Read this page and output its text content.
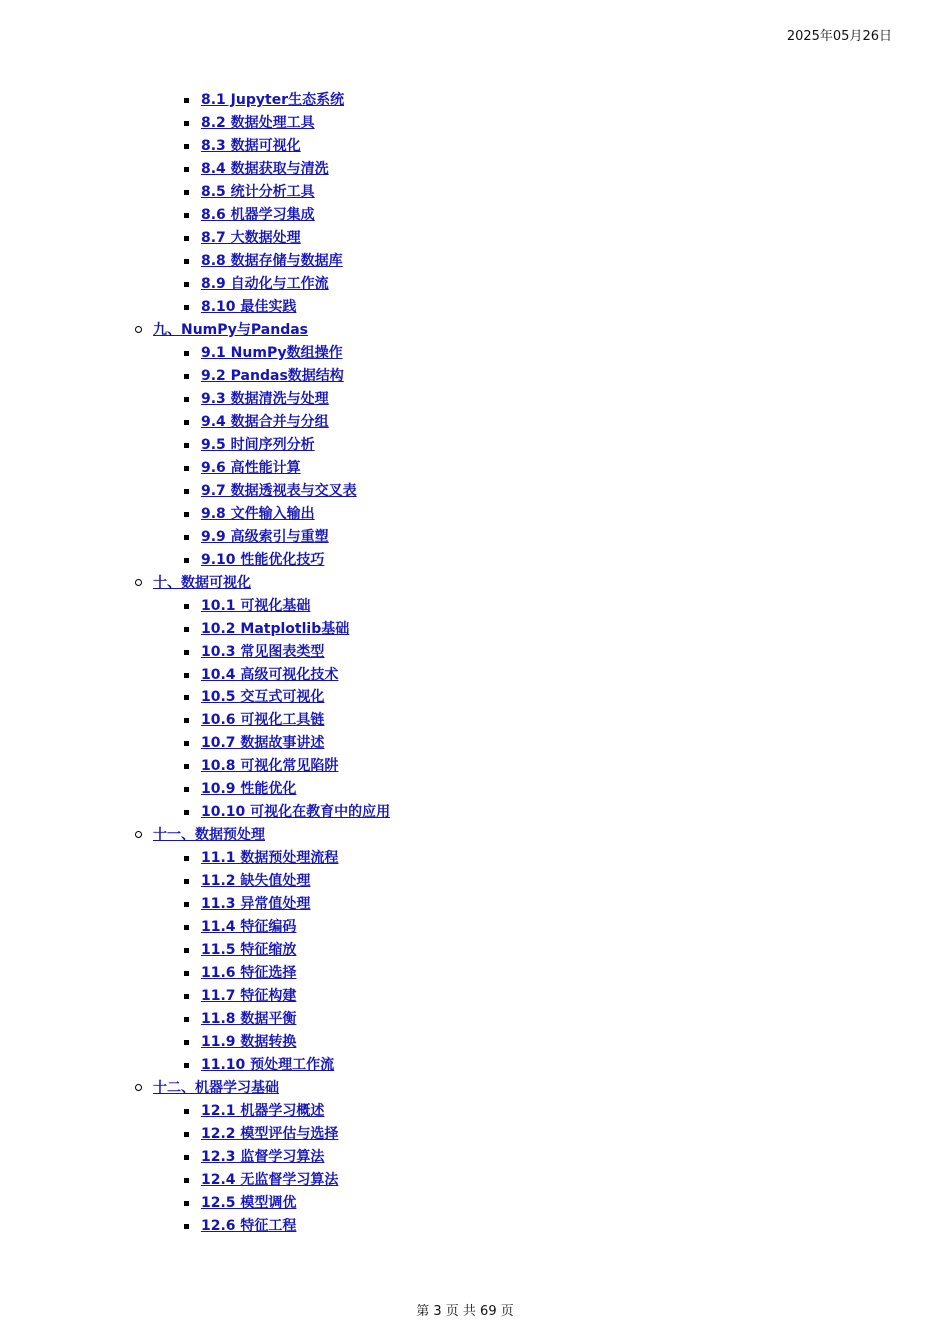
2025年05月26日
8.1 Jupyter生态系统
8.2 数据处理工具
8.3 数据可视化
8.4 数据获取与清洗
8.5 统计分析工具
8.6 机器学习集成
8.7 大数据处理
8.8 数据存储与数据库
8.9 自动化与工作流
8.10 最佳实践
九、NumPy与Pandas
9.1 NumPy数组操作
9.2 Pandas数据结构
9.3 数据清洗与处理
9.4 数据合并与分组
9.5 时间序列分析
9.6 高性能计算
9.7 数据透视表与交叉表
9.8 文件输入输出
9.9 高级索引与重塑
9.10 性能优化技巧
十、数据可视化
10.1 可视化基础
10.2 Matplotlib基础
10.3 常见图表类型
10.4 高级可视化技术
10.5 交互式可视化
10.6 可视化工具链
10.7 数据故事讲述
10.8 可视化常见陷阱
10.9 性能优化
10.10 可视化在教育中的应用
十一、数据预处理
11.1 数据预处理流程
11.2 缺失值处理
11.3 异常值处理
11.4 特征编码
11.5 特征缩放
11.6 特征选择
11.7 特征构建
11.8 数据平衡
11.9 数据转换
11.10 预处理工作流
十二、机器学习基础
12.1 机器学习概述
12.2 模型评估与选择
12.3 监督学习算法
12.4 无监督学习算法
12.5 模型调优
12.6 特征工程
第 3 页 共 69 页
